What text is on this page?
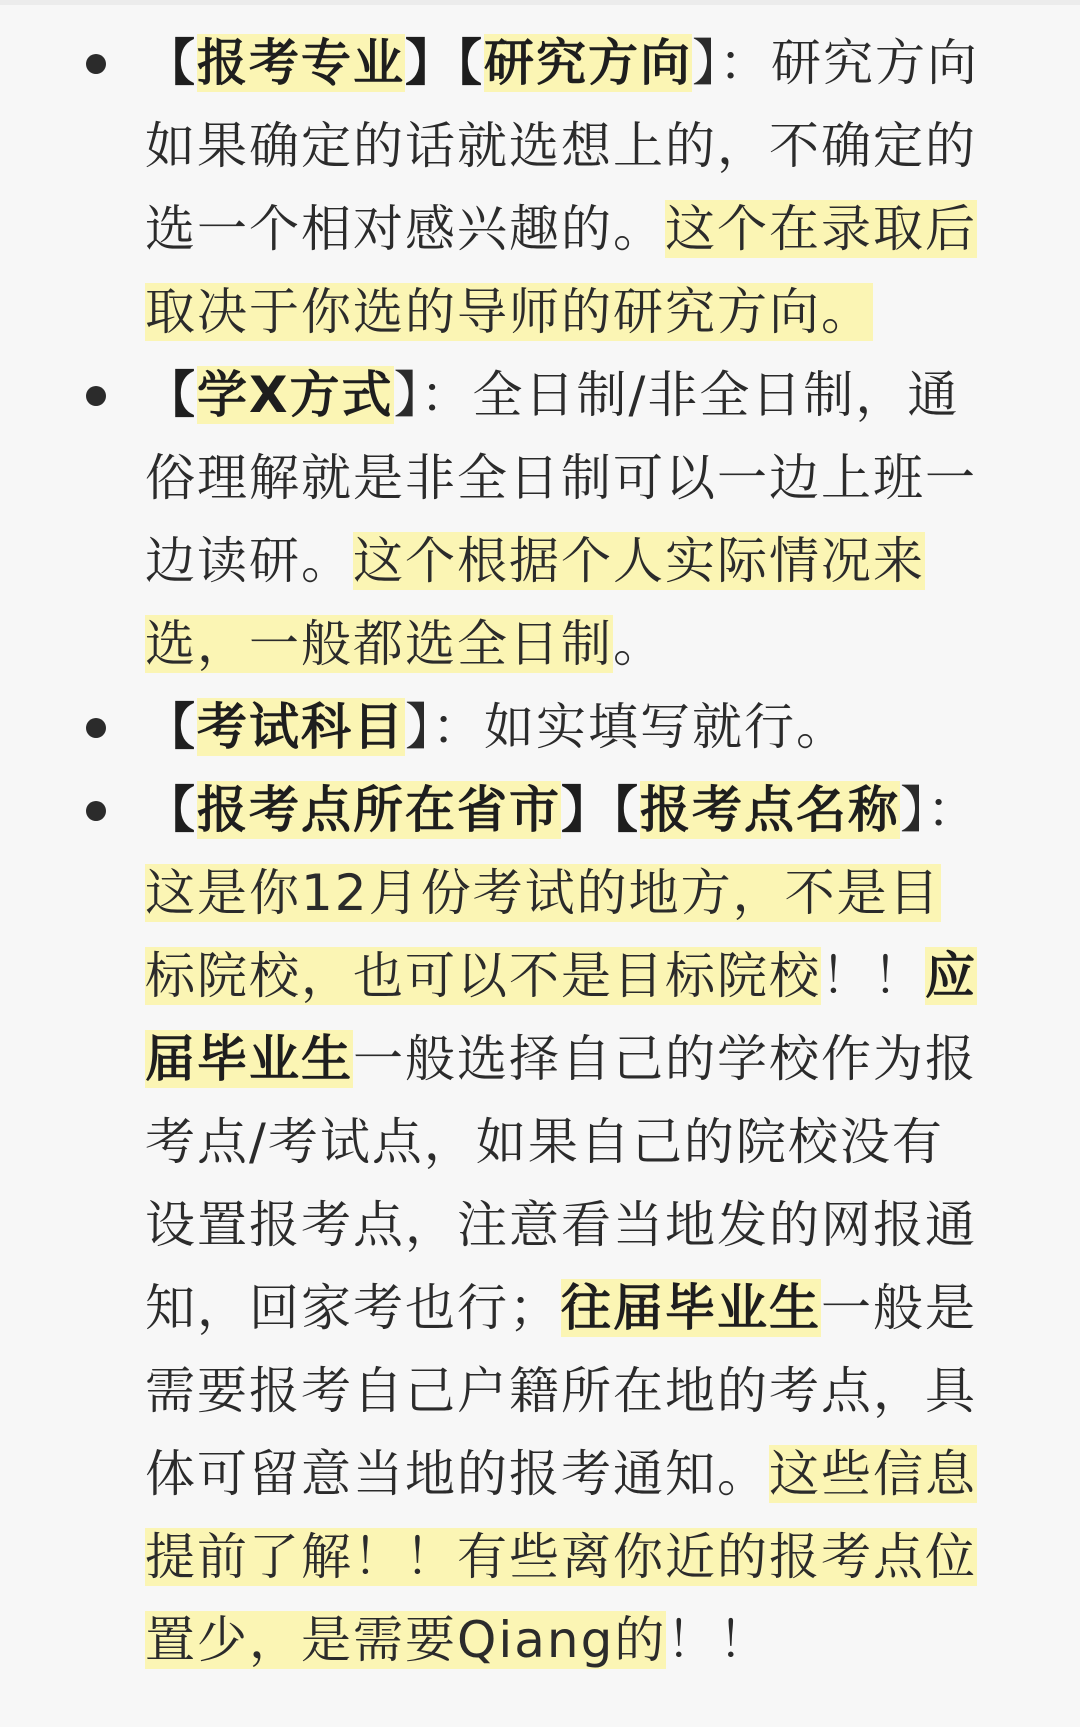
【报考专业】【研究方向】：研究方向如果确定的话就选想上的，不确定的选一个相对感兴趣的。这个在录取后取决于你选的导师的研究方向。
【学X方式】：全日制/非全日制，通俗理解就是非全日制可以一边上班一边读研。这个根据个人实际情况来选，一般都选全日制。
【考试科目】：如实填写就行。
【报考点所在省市】【报考点名称】：这是你12月份考试的地方，不是目标院校，也可以不是目标院校！！应届毕业生一般选择自己的学校作为报考点/考试点，如果自己的院校没有设置报考点，注意看当地发的网报通知，回家考也行；往届毕业生一般是需要报考自己户籍所在地的考点，具体可留意当地的报考通知。这些信息提前了解！！有些离你近的报考点位置少，是需要Qiang的！！
